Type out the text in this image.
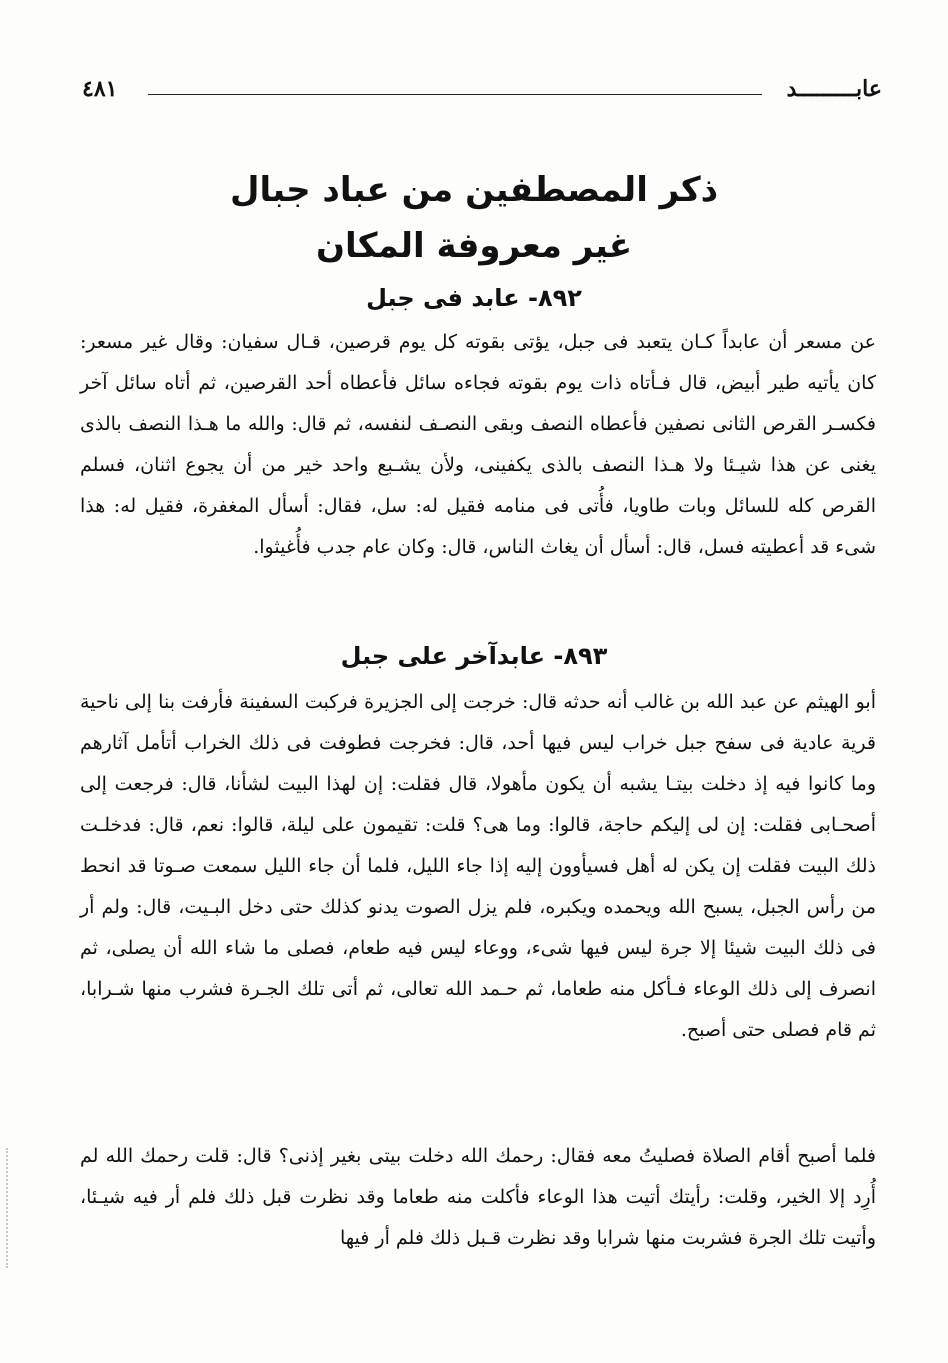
عابـــــــــد
٤٨١
ذكر المصطفين من عباد جبال
غير معروفة المكان
٨٩٢- عابد فى جبل
عن مسعر أن عابداً كـان يتعبد فى جبل، يؤتى بقوته كل يوم قرصين، قـال سفيان: وقال غير مسعر: كان يأتيه طير أبيض، قال فـأتاه ذات يوم بقوته فجاءه سائل فأعطاه أحد القرصين، ثم أتاه سائل آخر فكسـر القرص الثانى نصفين فأعطاه النصف وبقى النصـف لنفسه، ثم قال: والله ما هـذا النصف بالذى يغنى عن هذا شيـئا ولا هـذا النصف بالذى يكفينى، ولأن يشـبع واحد خير من أن يجوع اثنان، فسلم القرص كله للسائل وبات طاويا، فأُتى فى منامه فقيل له: سل، فقال: أسأل المغفرة، فقيل له: هذا شىء قد أعطيته فسل، قال: أسأل أن يغاث الناس، قال: وكان عام جدب فأُغيثوا.
٨٩٣- عابدآخر على جبل
أبو الهيثم عن عبد الله بن غالب أنه حدثه قال: خرجت إلى الجزيرة فركبت السفينة فأرفت بنا إلى ناحية قرية عادية فى سفح جبل خراب ليس فيها أحد، قال: فخرجت فطوفت فى ذلك الخراب أتأمل آثارهم وما كانوا فيه إذ دخلت بيتـا يشبه أن يكون مأهولا، قال فقلت: إن لهذا البيت لشأنا، قال: فرجعت إلى أصحـابى فقلت: إن لى إليكم حاجة، قالوا: وما هى؟ قلت: تقيمون على ليلة، قالوا: نعم، قال: فدخلـت ذلك البيت فقلت إن يكن له أهل فسيأوون إليه إذا جاء الليل، فلما أن جاء الليل سمعت صـوتا قد انحط من رأس الجبل، يسبح الله ويحمده ويكبره، فلم يزل الصوت يدنو كذلك حتى دخل البـيت، قال: ولم أر فى ذلك البيت شيئا إلا جرة ليس فيها شىء، ووعاء ليس فيه طعام، فصلى ما شاء الله أن يصلى، ثم انصرف إلى ذلك الوعاء فـأكل منه طعاما، ثم حـمد الله تعالى، ثم أتى تلك الجـرة فشرب منها شـرابا، ثم قام فصلى حتى أصبح.
فلما أصبح أقام الصلاة فصليتُ معه فقال: رحمك الله دخلت بيتى بغير إذنى؟ قال: قلت رحمك الله لم أُرِد إلا الخير، وقلت: رأيتك أتيت هذا الوعاء فأكلت منه طعاما وقد نظرت قبل ذلك فلم أر فيه شيـئا، وأتيت تلك الجرة فشربت منها شرابا وقد نظرت قـبل ذلك فلم أر فيها
